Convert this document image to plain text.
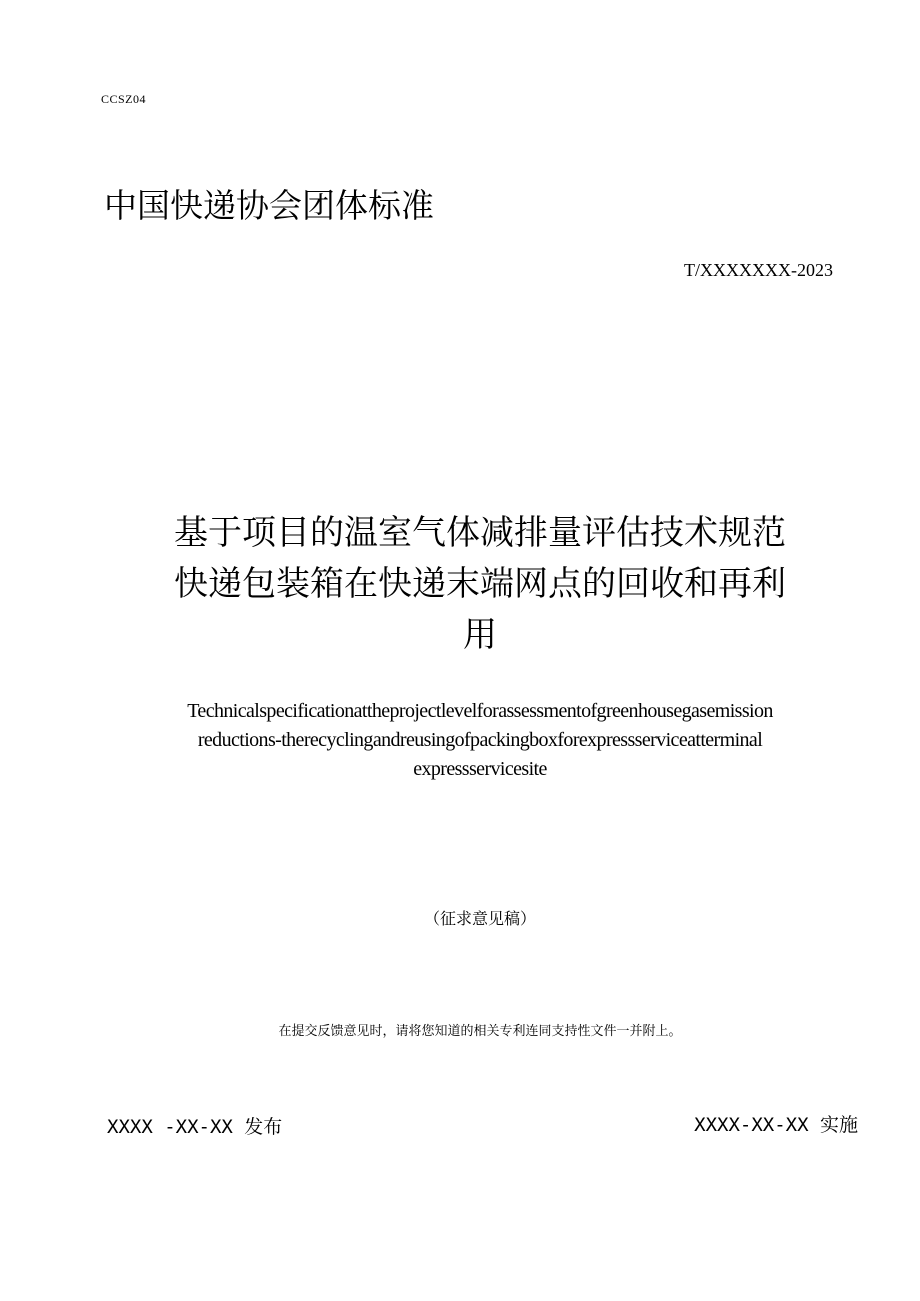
CCSZ04
中国快递协会团体标准
T/XXXXXXX-2023
基于项目的温室气体减排量评估技术规范
快递包装箱在快递末端网点的回收和再利
用
Technicalspecificationattheprojectlevelforassessmentofgreenhousegasemission
reductions-therecyclingandreusingofpackingboxforexpressserviceatterminal
expressservicesite
（征求意见稿）
在提交反馈意见时，请将您知道的相关专利连同支持性文件一并附上。
XXXX -XX-XX 发布	XXXX-XX-XX 实施
